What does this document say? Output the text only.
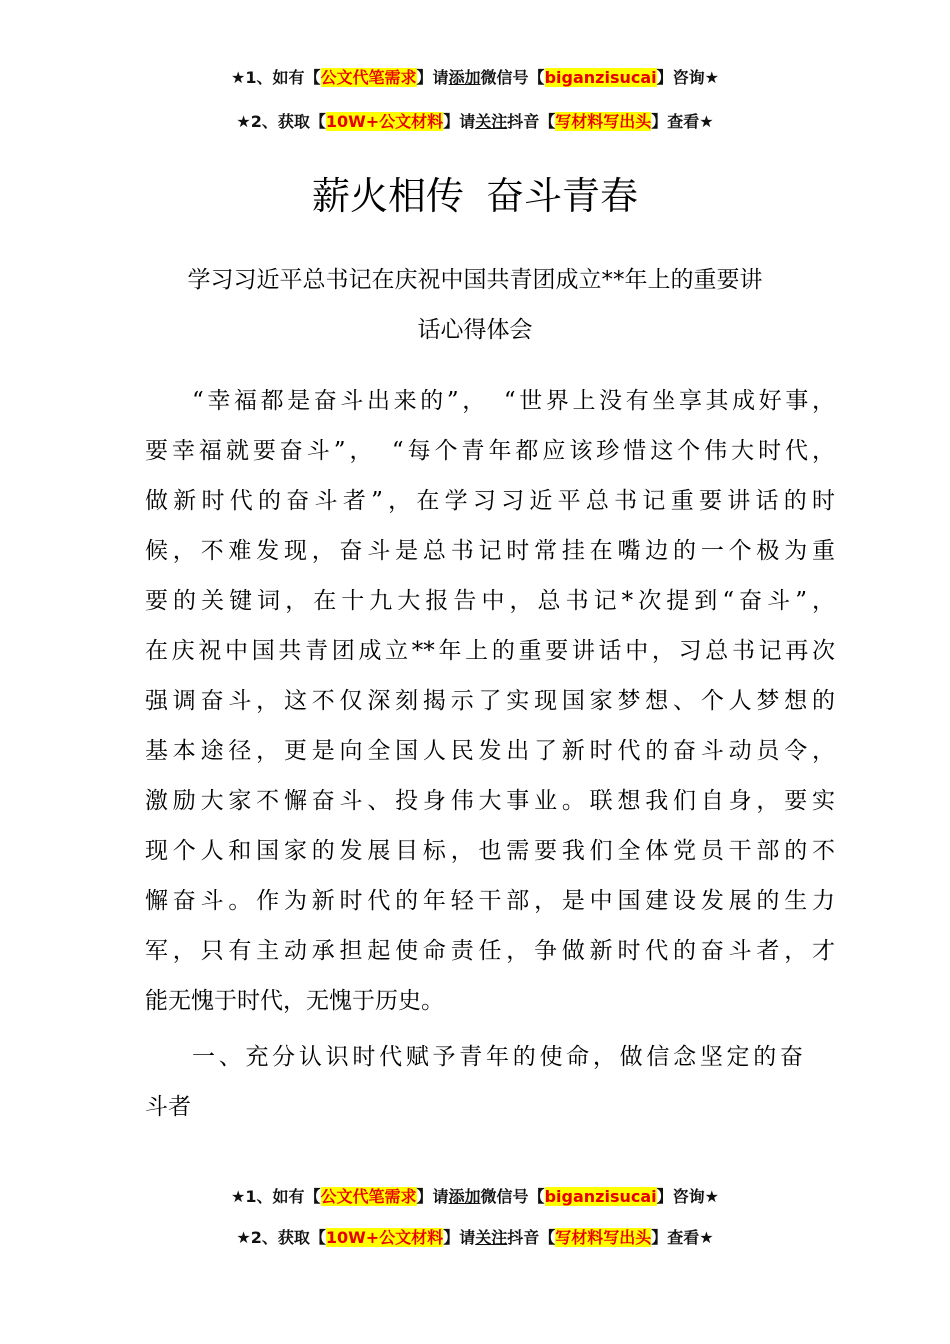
★1、如有【公文代笔需求】请添加微信号【biganzisucai】咨询★
★2、获取【10W+公文材料】请关注抖音【写材料写出头】查看★
薪火相传 奋斗青春
学习习近平总书记在庆祝中国共青团成立**年上的重要讲
话心得体会
“幸福都是奋斗出来的”，　“世界上没有坐享其成好事，
要幸福就要奋斗”，　“每个青年都应该珍惜这个伟大时代，
做新时代的奋斗者”，在学习习近平总书记重要讲话的时
候，不难发现，奋斗是总书记时常挂在嘴边的一个极为重
要的关键词，在十九大报告中，总书记*次提到“奋斗”，
在庆祝中国共青团成立**年上的重要讲话中，习总书记再次
强调奋斗，这不仅深刻揭示了实现国家梦想、个人梦想的
基本途径，更是向全国人民发出了新时代的奋斗动员令，
激励大家不懈奋斗、投身伟大事业。联想我们自身，要实
现个人和国家的发展目标，也需要我们全体党员干部的不
懈奋斗。作为新时代的年轻干部，是中国建设发展的生力
军，只有主动承担起使命责任，争做新时代的奋斗者，才
能无愧于时代，无愧于历史。
一、充分认识时代赋予青年的使命，做信念坚定的奋
斗者
★1、如有【公文代笔需求】请添加微信号【biganzisucai】咨询★
★2、获取【10W+公文材料】请关注抖音【写材料写出头】查看★
